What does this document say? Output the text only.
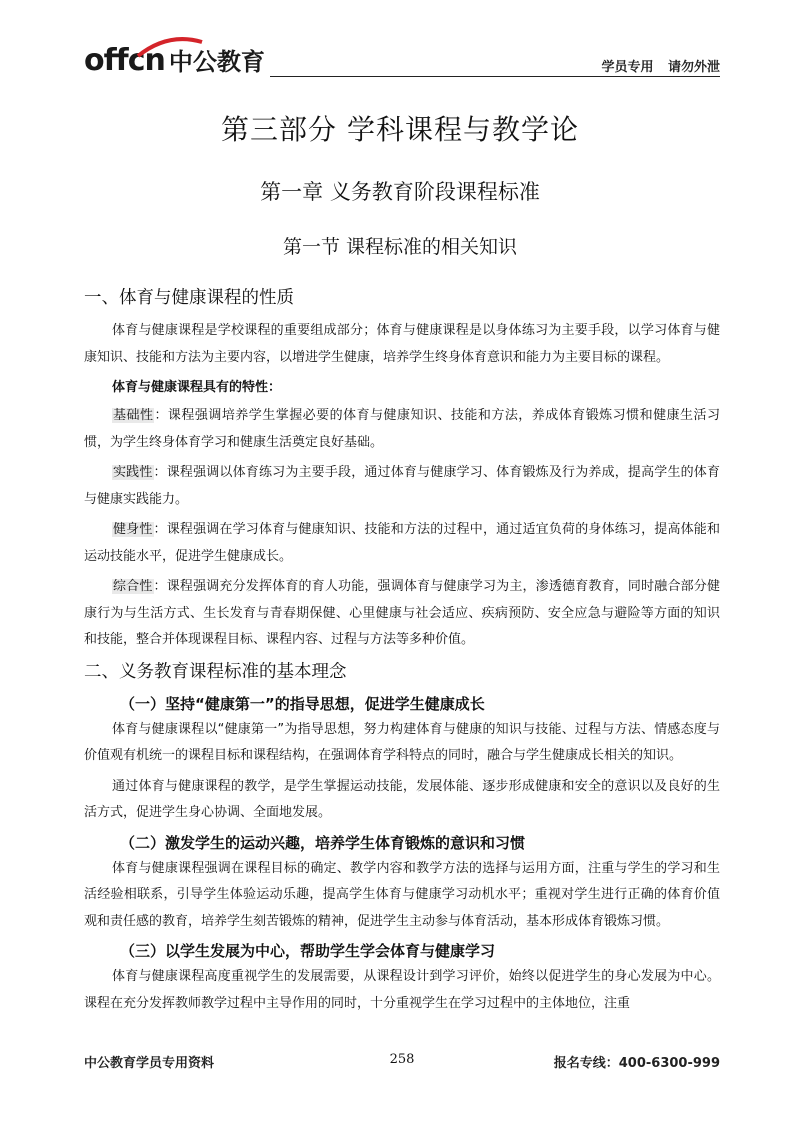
offcn 中公教育	学员专用 请勿外泄
第三部分 学科课程与教学论
第一章 义务教育阶段课程标准
第一节 课程标准的相关知识
一、体育与健康课程的性质

体育与健康课程是学校课程的重要组成部分；体育与健康课程是以身体练习为主要手段，以学习体育与健康知识、技能和方法为主要内容，以增进学生健康，培养学生终身体育意识和能力为主要目标的课程。

体育与健康课程具有的特性：

基础性：课程强调培养学生掌握必要的体育与健康知识、技能和方法，养成体育锻炼习惯和健康生活习惯，为学生终身体育学习和健康生活奠定良好基础。

实践性：课程强调以体育练习为主要手段，通过体育与健康学习、体育锻炼及行为养成，提高学生的体育与健康实践能力。

健身性：课程强调在学习体育与健康知识、技能和方法的过程中，通过适宜负荷的身体练习，提高体能和运动技能水平，促进学生健康成长。

综合性：课程强调充分发挥体育的育人功能，强调体育与健康学习为主，渗透德育教育，同时融合部分健康行为与生活方式、生长发育与青春期保健、心里健康与社会适应、疾病预防、安全应急与避险等方面的知识和技能，整合并体现课程目标、课程内容、过程与方法等多种价值。

二、义务教育课程标准的基本理念
（一）坚持“健康第一”的指导思想，促进学生健康成长

体育与健康课程以“健康第一”为指导思想，努力构建体育与健康的知识与技能、过程与方法、情感态度与价值观有机统一的课程目标和课程结构，在强调体育学科特点的同时，融合与学生健康成长相关的知识。

通过体育与健康课程的教学，是学生掌握运动技能，发展体能、逐步形成健康和安全的意识以及良好的生活方式，促进学生身心协调、全面地发展。

（二）激发学生的运动兴趣，培养学生体育锻炼的意识和习惯

体育与健康课程强调在课程目标的确定、教学内容和教学方法的选择与运用方面，注重与学生的学习和生活经验相联系，引导学生体验运动乐趣，提高学生体育与健康学习动机水平；重视对学生进行正确的体育价值观和责任感的教育，培养学生刻苦锻炼的精神，促进学生主动参与体育活动，基本形成体育锻炼习惯。

（三）以学生发展为中心，帮助学生学会体育与健康学习

体育与健康课程高度重视学生的发展需要，从课程设计到学习评价，始终以促进学生的身心发展为中心。课程在充分发挥教师教学过程中主导作用的同时，十分重视学生在学习过程中的主体地位，注重

中公教育学员专用资料	258	报名专线：400-6300-999
